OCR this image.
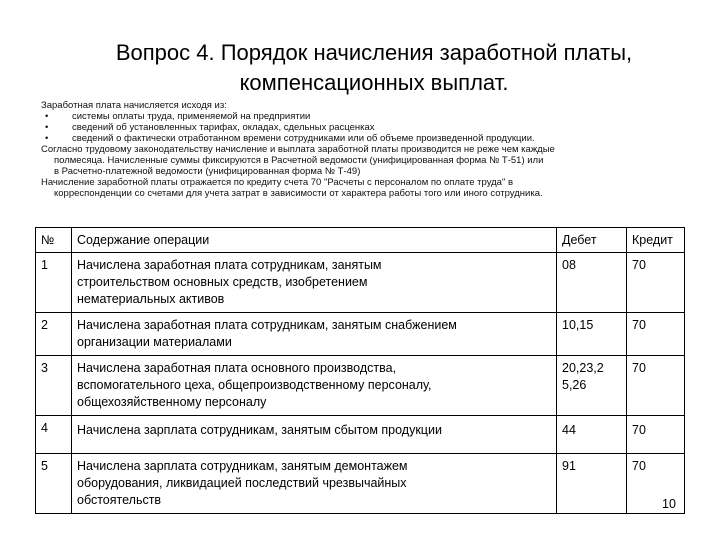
Вопрос 4. Порядок начисления заработной платы,
компенсационных выплат.

Заработная плата начисляется исходя из:

• системы оплаты труда, применяемой на предприятии
• сведений об установленных тарифах, окладах, сдельных расценках
• сведений о фактически отработанном времени сотрудниками или об объеме произведенной продукции.

Согласно трудовому законодательству начисление и выплата заработной платы производится не реже чем каждые
полмесяца. Начисленные суммы фиксируются в Расчетной ведомости (унифицированная форма № Т-51) или
в Расчетно-платежной ведомости (унифицированная форма № Т-49)

Начисление заработной платы отражается по кредиту счета 70 "Расчеты с персоналом по оплате труда" в
корреспонденции со счетами для учета затрат в зависимости от характера работы того или иного сотрудника.

№	Содержание операции	Дебет	Кредит
1	Начислена заработная плата сотрудникам, занятым
строительством основных средств, изобретением
нематериальных активов	08	70
2	Начислена заработная плата сотрудникам, занятым снабжением
организации материалами	10,15	70
3	Начислена заработная плата основного производства,
вспомогательного цеха, общепроизводственному персоналу,
общехозяйственному персоналу	20,23,2
5,26	70
4	Начислена зарплата сотрудникам, занятым сбытом продукции	44	70
5	Начислена зарплата сотрудникам, занятым демонтажем
оборудования, ликвидацией последствий чрезвычайных
обстоятельств	91	70
10
